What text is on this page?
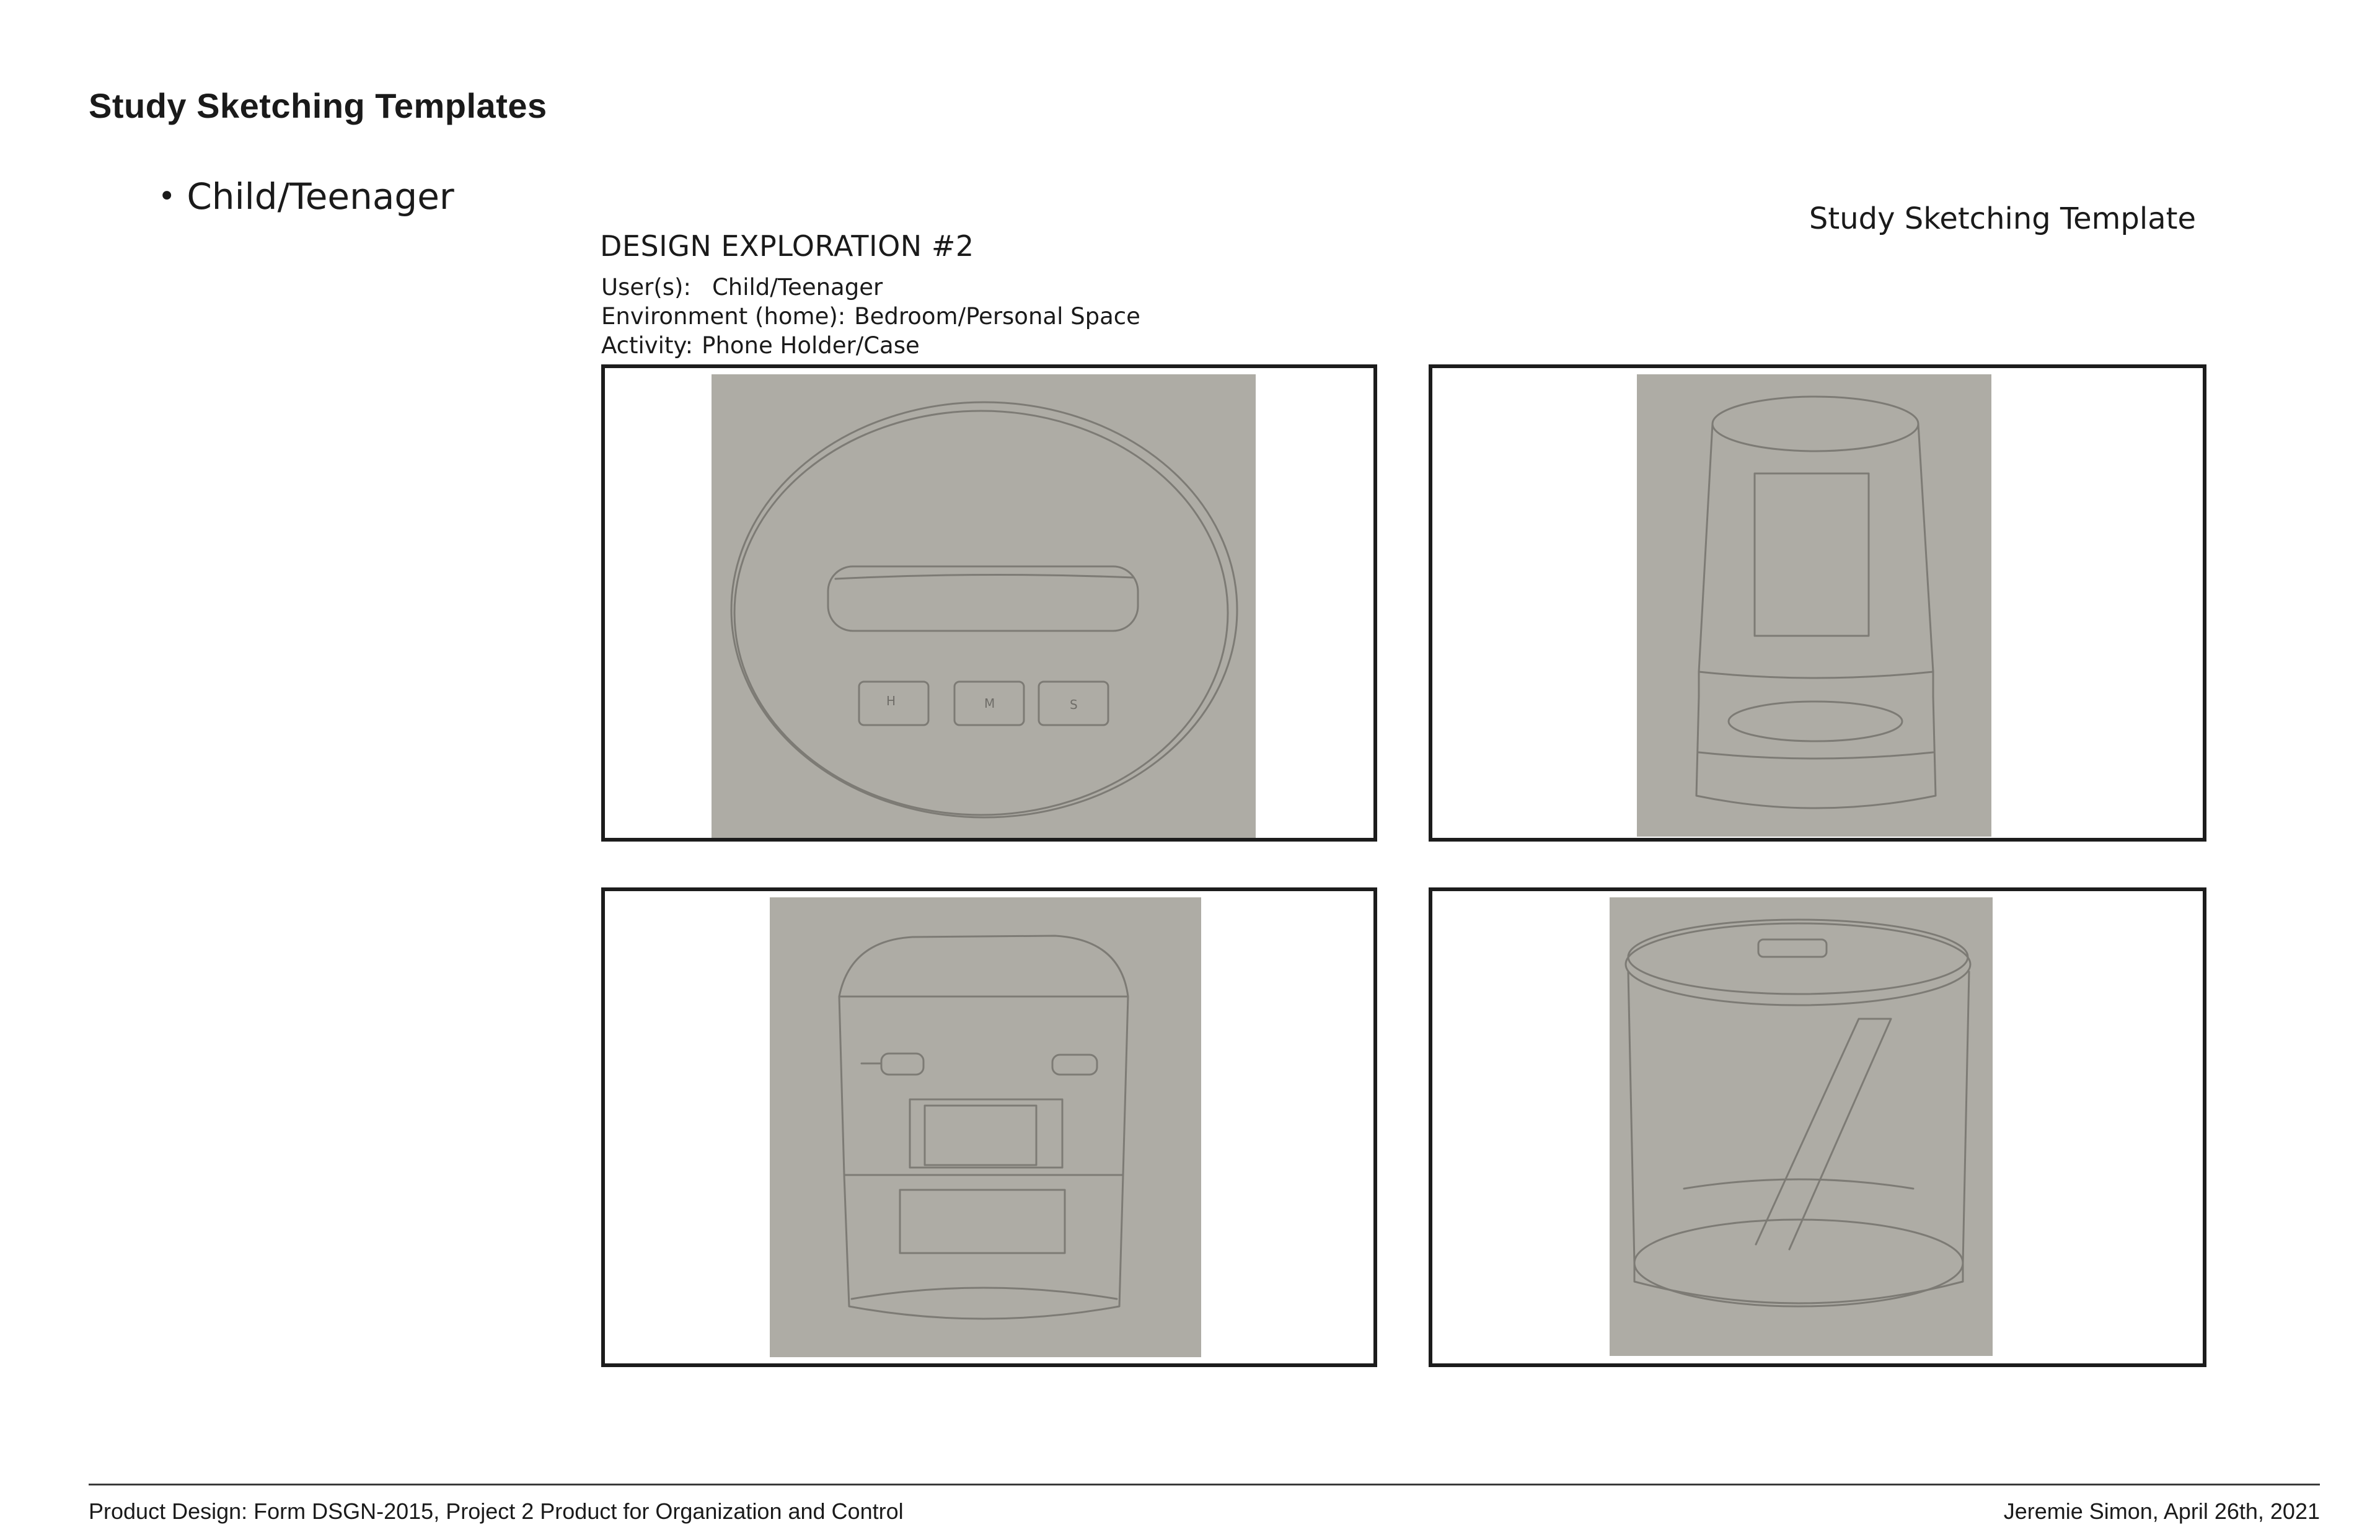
Study Sketching Templates
• Child/Teenager
Study Sketching Template
DESIGN EXPLORATION #2
User(s): Child/Teenager
Environment (home): Bedroom/Personal Space
Activity: Phone Holder/Case
H	M	S
Product Design: Form DSGN-2015, Project 2 Product for Organization and Control	Jeremie Simon, April 26th, 2021
